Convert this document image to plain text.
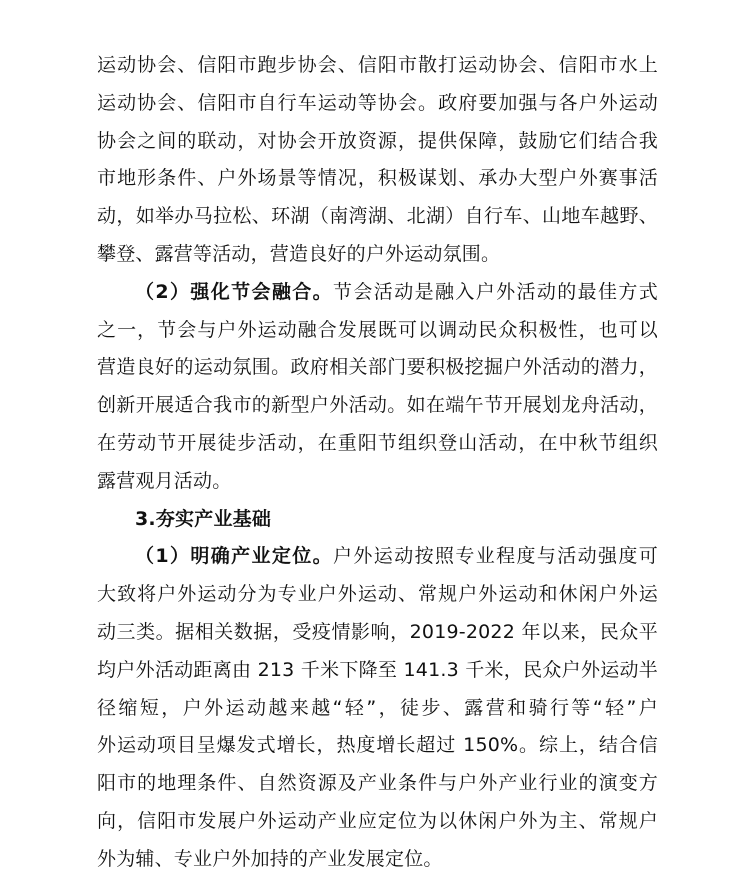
运动协会、信阳市跑步协会、信阳市散打运动协会、信阳市水上
运动协会、信阳市自行车运动等协会。政府要加强与各户外运动
协会之间的联动，对协会开放资源，提供保障，鼓励它们结合我
市地形条件、户外场景等情况，积极谋划、承办大型户外赛事活
动，如举办马拉松、环湖（南湾湖、北湖）自行车、山地车越野、
攀登、露营等活动，营造良好的户外运动氛围。
（2）强化节会融合。节会活动是融入户外活动的最佳方式
之一，节会与户外运动融合发展既可以调动民众积极性，也可以
营造良好的运动氛围。政府相关部门要积极挖掘户外活动的潜力，
创新开展适合我市的新型户外活动。如在端午节开展划龙舟活动，
在劳动节开展徒步活动，在重阳节组织登山活动，在中秋节组织
露营观月活动。
3.夯实产业基础
（1）明确产业定位。户外运动按照专业程度与活动强度可
大致将户外运动分为专业户外运动、常规户外运动和休闲户外运
动三类。据相关数据，受疫情影响，2019-2022 年以来，民众平
均户外活动距离由 213 千米下降至 141.3 千米，民众户外运动半
径缩短，户外运动越来越“轻”，徒步、露营和骑行等“轻”户
外运动项目呈爆发式增长，热度增长超过 150%。综上，结合信
阳市的地理条件、自然资源及产业条件与户外产业行业的演变方
向，信阳市发展户外运动产业应定位为以休闲户外为主、常规户
外为辅、专业户外加持的产业发展定位。
